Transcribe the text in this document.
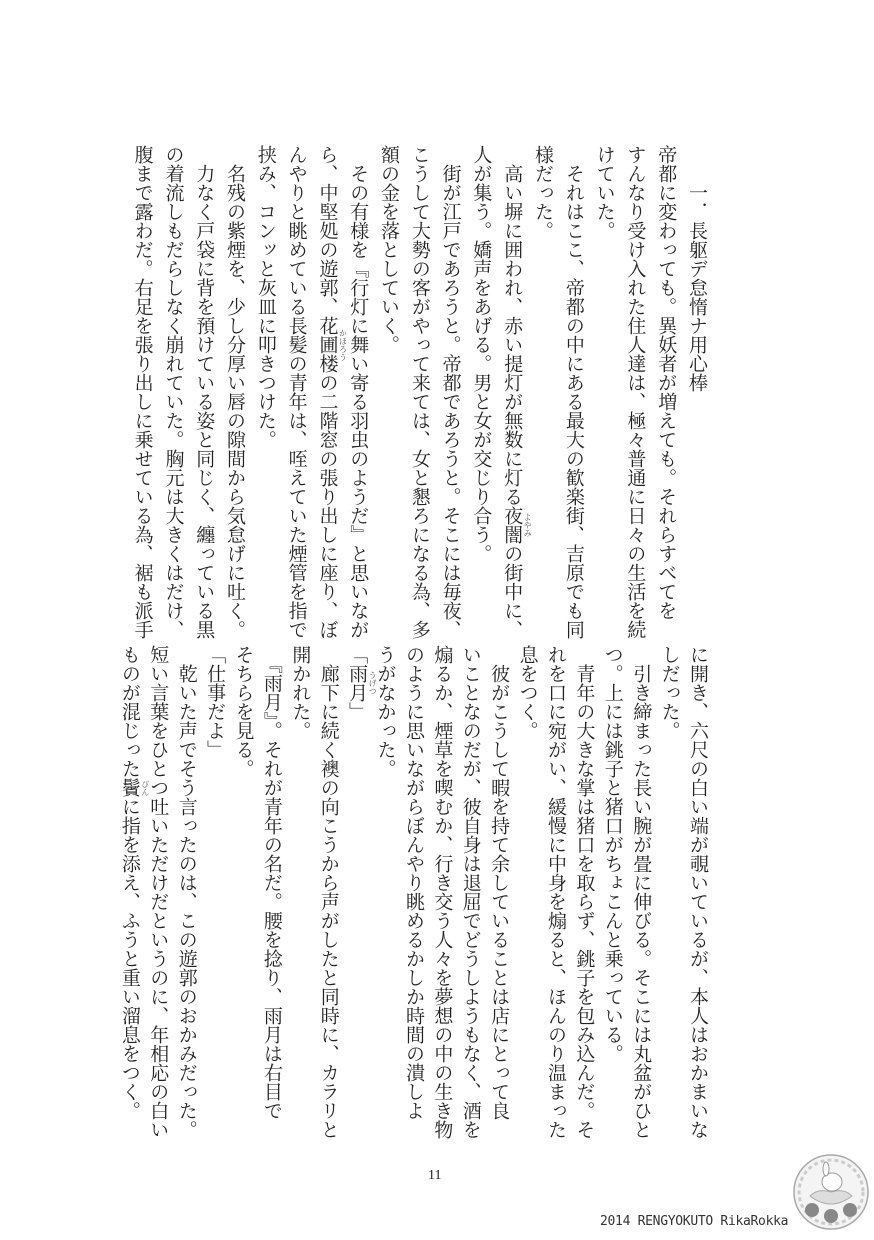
　　一．長躯デ怠惰ナ用心棒
帝都に変わっても。異妖者が増えても。それらすべてを
すんなり受け入れた住人達は、極々普通に日々の生活を続
けていた。
　それはここ、帝都の中にある最大の歓楽街、吉原でも同
様だった。
　高い塀に囲われ、赤い提灯が無数に灯る夜闇 よやみ
の街中に、
人が集う。嬌声をあげる。男と女が交じり合う。
　街が江戸であろうと。帝都であろうと。そこには毎夜、
こうして大勢の客がやって来ては、女と懇ろになる為、多
額の金を落としていく。
　その有様を『行灯に舞い寄る羽虫のようだ』と思いなが
ら、中堅処の遊郭、花圃楼 かほろう
の二階窓の張り出しに座り、ぼ
んやりと眺めている長髪の青年は、咥えていた煙管を指で
挟み、コンッと灰皿に叩きつけた。
　名残の紫煙を、少し分厚い唇の隙間から気怠げに吐く。
　力なく戸袋に背を預けている姿と同じく、纏っている黒
の着流しもだらしなく崩れていた。胸元は大きくはだけ、
腹まで露わだ。右足を張り出しに乗せている為、裾も派手
に開き、六尺の白い端が覗いているが、本人はおかまいな
しだった。
　引き締まった長い腕が畳に伸びる。そこには丸盆がひと
つ。上には銚子と猪口がちょこんと乗っている。
　青年の大きな掌は猪口を取らず、銚子を包み込んだ。そ
れを口に宛がい、緩慢に中身を煽ると、ほんのり温まった
息をつく。
　彼がこうして暇を持て余していることは店にとって良
いことなのだが、彼自身は退屈でどうしようもなく、酒を
煽るか、煙草を喫むか、行き交う人々を夢想の中の生き物
のように思いながらぼんやり眺めるかしか時間の潰しよ
うがなかった。
「雨月 うげつ
」
　廊下に続く襖の向こうから声がしたと同時に、カラリと
開かれた。
　『雨月』。それが青年の名だ。腰を捻り、雨月は右目で
そちらを見る。
「仕事だよ」
　乾いた声でそう言ったのは、この遊郭のおかみだった。
短い言葉をひとつ吐いただけだというのに、年相応の白い
ものが混じった鬢 びん
に指を添え、ふうと重い溜息をつく。
11
2014 RENGYOKUTO RikaRokka
